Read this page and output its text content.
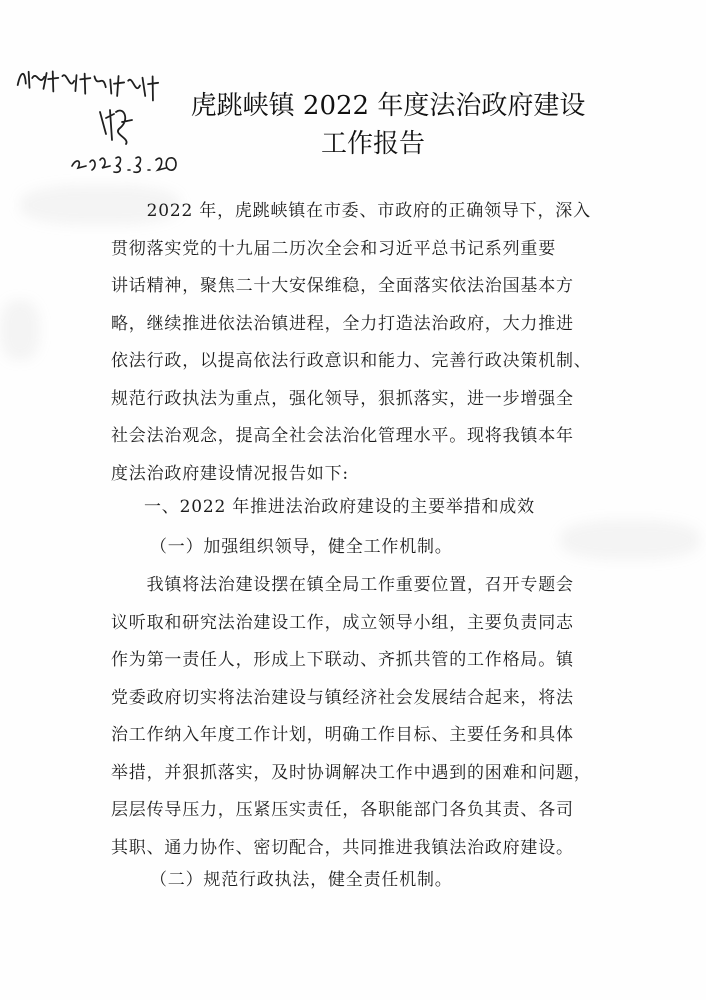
虎跳峡镇 2022 年度法治政府建设
工作报告
　　2022 年，虎跳峡镇在市委、市政府的正确领导下，深入
贯彻落实党的十九届二历次全会和习近平总书记系列重要
讲话精神，聚焦二十大安保维稳，全面落实依法治国基本方
略，继续推进依法治镇进程，全力打造法治政府，大力推进
依法行政，以提高依法行政意识和能力、完善行政决策机制、
规范行政执法为重点，强化领导，狠抓落实，进一步增强全
社会法治观念，提高全社会法治化管理水平。现将我镇本年
度法治政府建设情况报告如下:
一、2022 年推进法治政府建设的主要举措和成效
（一）加强组织领导，健全工作机制。
　　我镇将法治建设摆在镇全局工作重要位置，召开专题会
议听取和研究法治建设工作，成立领导小组，主要负责同志
作为第一责任人，形成上下联动、齐抓共管的工作格局。镇
党委政府切实将法治建设与镇经济社会发展结合起来，将法
治工作纳入年度工作计划，明确工作目标、主要任务和具体
举措，并狠抓落实，及时协调解决工作中遇到的困难和问题，
层层传导压力，压紧压实责任，各职能部门各负其责、各司
其职、通力协作、密切配合，共同推进我镇法治政府建设。
（二）规范行政执法，健全责任机制。
